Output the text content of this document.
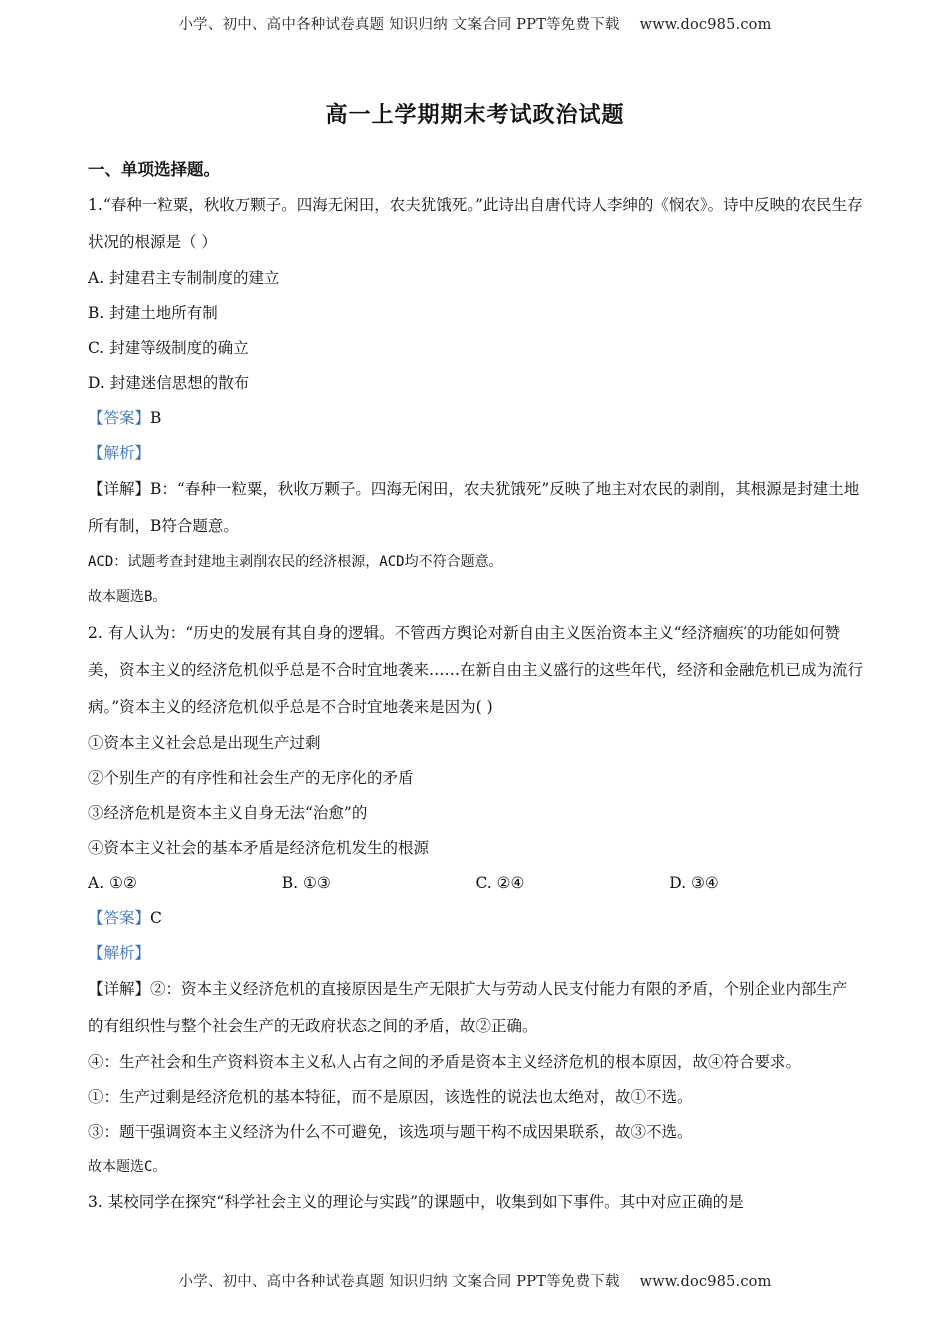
小学、初中、高中各种试卷真题 知识归纳 文案合同 PPT等免费下载 www.doc985.com
高一上学期期末考试政治试题
一、单项选择题。
1.“春种一粒粟，秋收万颗子。四海无闲田，农夫犹饿死。”此诗出自唐代诗人李绅的《悯农》。诗中反映的农民生存状况的根源是（ ）
A. 封建君主专制制度的建立
B. 封建土地所有制
C. 封建等级制度的确立
D. 封建迷信思想的散布
【答案】B
【解析】
【详解】B：“春种一粒粟，秋收万颗子。四海无闲田，农夫犹饿死”反映了地主对农民的剥削，其根源是封建土地所有制，B符合题意。
ACD：试题考查封建地主剥削农民的经济根源，ACD均不符合题意。
故本题选B。
2. 有人认为：“历史的发展有其自身的逻辑。不管西方舆论对新自由主义医治资本主义“经济痼疾′的功能如何赞美，资本主义的经济危机似乎总是不合时宜地袭来……在新自由主义盛行的这些年代，经济和金融危机已成为流行病。”资本主义的经济危机似乎总是不合时宜地袭来是因为( )
①资本主义社会总是出现生产过剩
②个别生产的有序性和社会生产的无序化的矛盾
③经济危机是资本主义自身无法“治愈”的
④资本主义社会的基本矛盾是经济危机发生的根源
A. ①②	B. ①③	C. ②④	D. ③④
【答案】C
【解析】
【详解】②：资本主义经济危机的直接原因是生产无限扩大与劳动人民支付能力有限的矛盾，个别企业内部生产的有组织性与整个社会生产的无政府状态之间的矛盾，故②正确。
④：生产社会和生产资料资本主义私人占有之间的矛盾是资本主义经济危机的根本原因，故④符合要求。
①：生产过剩是经济危机的基本特征，而不是原因，该选性的说法也太绝对，故①不选。
③：题干强调资本主义经济为什么不可避免，该选项与题干构不成因果联系，故③不选。
故本题选C。
3. 某校同学在探究“科学社会主义的理论与实践”的课题中，收集到如下事件。其中对应正确的是
小学、初中、高中各种试卷真题 知识归纳 文案合同 PPT等免费下载 www.doc985.com
